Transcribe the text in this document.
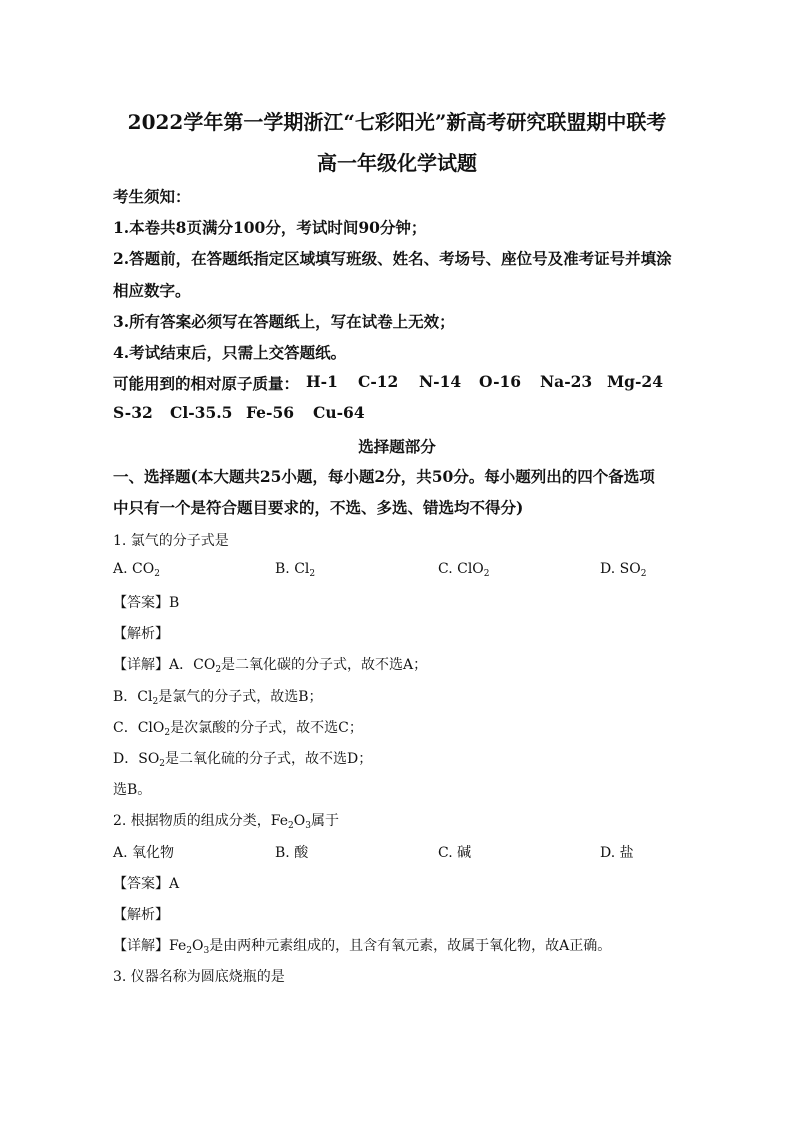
2022学年第一学期浙江“七彩阳光”新高考研究联盟期中联考
高一年级化学试题
考生须知：
1.本卷共8页满分100分，考试时间90分钟；
2.答题前，在答题纸指定区域填写班级、姓名、考场号、座位号及准考证号并填涂
相应数字。
3.所有答案必须写在答题纸上，写在试卷上无效；
4.考试结束后，只需上交答题纸。
可能用到的相对原子质量： H-1 C-12 N-14 O-16 Na-23 Mg-24
S-32 Cl-35.5 Fe-56 Cu-64
选择题部分
一、选择题(本大题共25小题，每小题2分，共50分。每小题列出的四个备选项
中只有一个是符合题目要求的，不选、多选、错选均不得分)
1. 氯气的分子式是
A. $CO_2$	B. $Cl_2$	C. ClO$_2$	D. $SO_2$
【答案】B
【解析】
【详解】A．$CO_2$是二氧化碳的分子式，故不选A；
B．$Cl_2$是氯气的分子式，故选B；
C．ClO$_2$是次氯酸的分子式，故不选C；
D．$SO_2$是二氧化硫的分子式，故不选D；
选B。
2. 根据物质的组成分类，$Fe_2O_3$属于
A. 氧化物	B. 酸	C. 碱	D. 盐
【答案】A
【解析】
【详解】$Fe_2O_3$是由两种元素组成的，且含有氧元素，故属于氧化物，故A正确。
3. 仪器名称为圆底烧瓶的是
